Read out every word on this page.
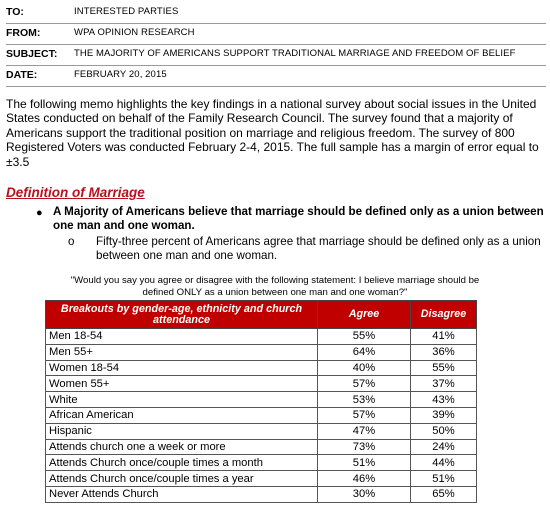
TO:	INTERESTED PARTIES
FROM:	WPA OPINION RESEARCH
SUBJECT: THE MAJORITY OF AMERICANS SUPPORT TRADITIONAL MARRIAGE AND FREEDOM OF BELIEF
DATE:	FEBRUARY 20, 2015
The following memo highlights the key findings in a national survey about social issues in the United States conducted on behalf of the Family Research Council. The survey found that a majority of Americans support the traditional position on marriage and religious freedom. The survey of 800 Registered Voters was conducted February 2-4, 2015. The full sample has a margin of error equal to ±3.5
Definition of Marriage
● A Majority of Americans believe that marriage should be defined only as a union between one man and one woman.
o Fifty-three percent of Americans agree that marriage should be defined only as a union between one man and one woman.
"Would you say you agree or disagree with the following statement: I believe marriage should be defined ONLY as a union between one man and one woman?"
Breakouts by gender-age, ethnicity and church attendance	Agree	Disagree
Men 18-54	55%	41%
Men 55+	64%	36%
Women 18-54	40%	55%
Women 55+	57%	37%
White	53%	43%
African American	57%	39%
Hispanic	47%	50%
Attends church one a week or more	73%	24%
Attends Church once/couple times a month	51%	44%
Attends Church once/couple times a year	46%	51%
Never Attends Church	30%	65%
